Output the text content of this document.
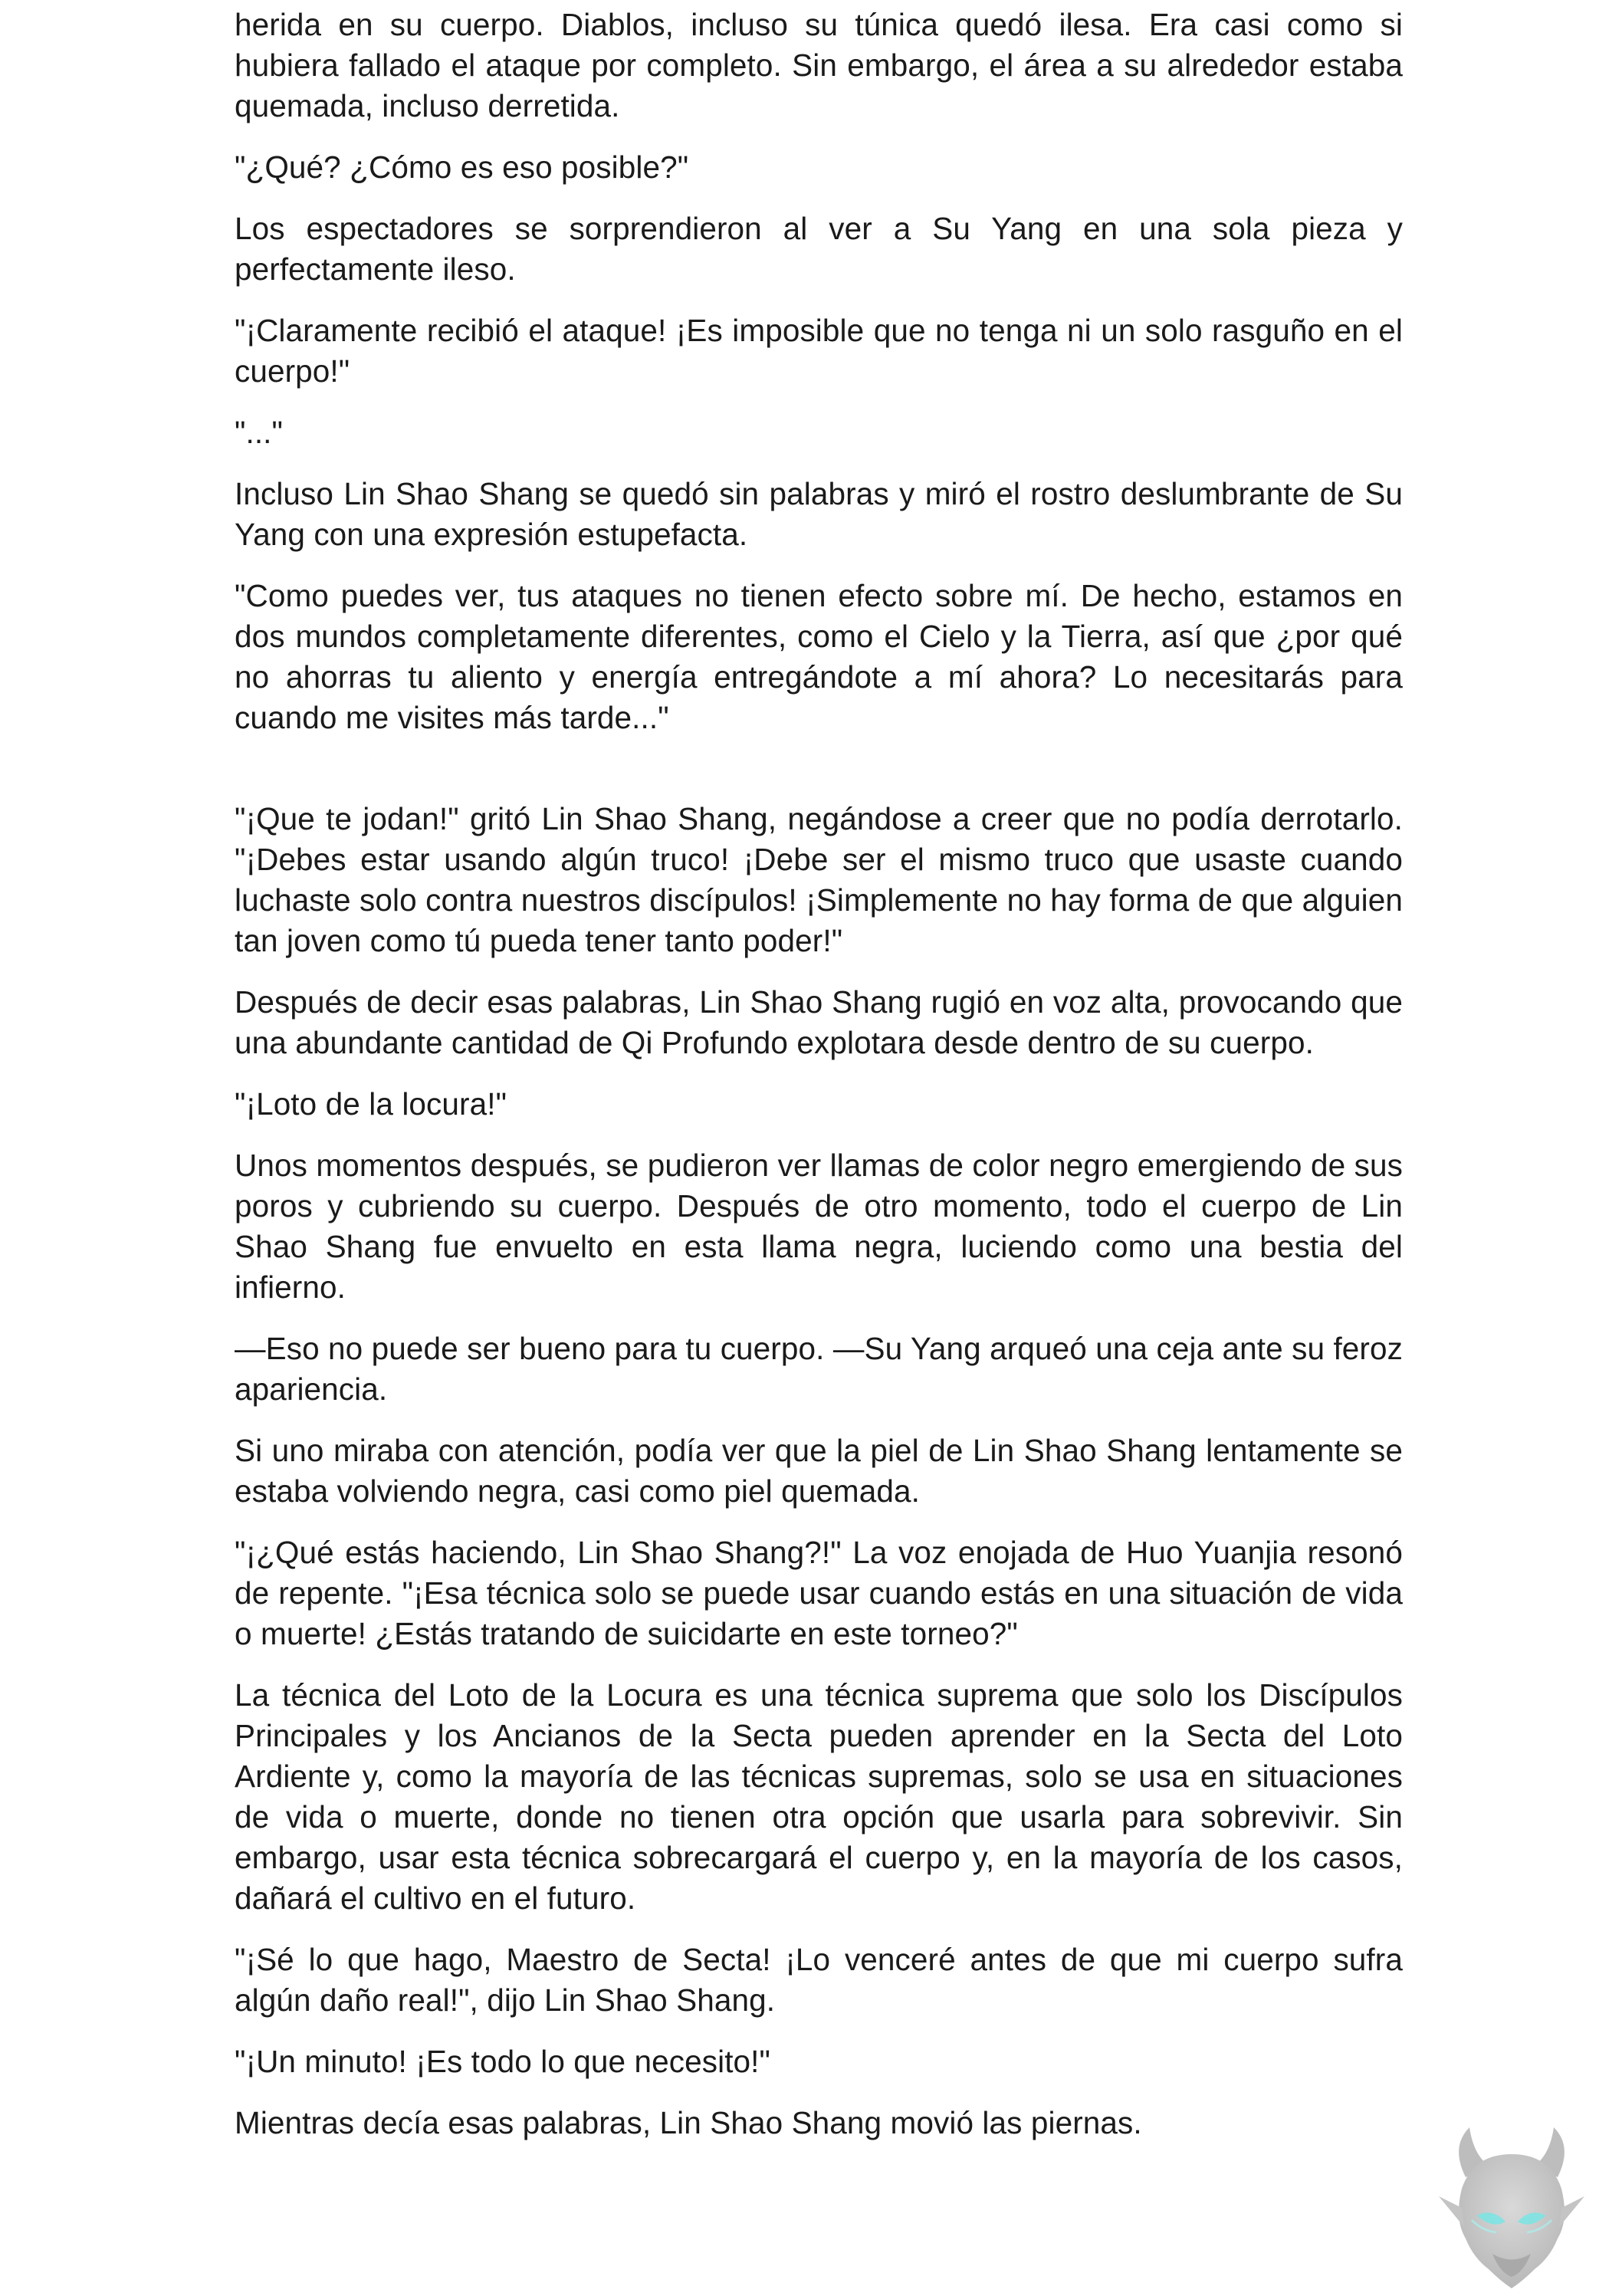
herida en su cuerpo. Diablos, incluso su túnica quedó ilesa. Era casi como si hubiera fallado el ataque por completo. Sin embargo, el área a su alrededor estaba quemada, incluso derretida.

"¿Qué? ¿Cómo es eso posible?"

Los espectadores se sorprendieron al ver a Su Yang en una sola pieza y perfectamente ileso.

"¡Claramente recibió el ataque! ¡Es imposible que no tenga ni un solo rasguño en el cuerpo!"

"..."

Incluso Lin Shao Shang se quedó sin palabras y miró el rostro deslumbrante de Su Yang con una expresión estupefacta.

"Como puedes ver, tus ataques no tienen efecto sobre mí. De hecho, estamos en dos mundos completamente diferentes, como el Cielo y la Tierra, así que ¿por qué no ahorras tu aliento y energía entregándote a mí ahora? Lo necesitarás para cuando me visites más tarde..."

"¡Que te jodan!" gritó Lin Shao Shang, negándose a creer que no podía derrotarlo. "¡Debes estar usando algún truco! ¡Debe ser el mismo truco que usaste cuando luchaste solo contra nuestros discípulos! ¡Simplemente no hay forma de que alguien tan joven como tú pueda tener tanto poder!"

Después de decir esas palabras, Lin Shao Shang rugió en voz alta, provocando que una abundante cantidad de Qi Profundo explotara desde dentro de su cuerpo.

"¡Loto de la locura!"

Unos momentos después, se pudieron ver llamas de color negro emergiendo de sus poros y cubriendo su cuerpo. Después de otro momento, todo el cuerpo de Lin Shao Shang fue envuelto en esta llama negra, luciendo como una bestia del infierno.

—Eso no puede ser bueno para tu cuerpo. —Su Yang arqueó una ceja ante su feroz apariencia.

Si uno miraba con atención, podía ver que la piel de Lin Shao Shang lentamente se estaba volviendo negra, casi como piel quemada.

"¡¿Qué estás haciendo, Lin Shao Shang?!" La voz enojada de Huo Yuanjia resonó de repente. "¡Esa técnica solo se puede usar cuando estás en una situación de vida o muerte! ¿Estás tratando de suicidarte en este torneo?"

La técnica del Loto de la Locura es una técnica suprema que solo los Discípulos Principales y los Ancianos de la Secta pueden aprender en la Secta del Loto Ardiente y, como la mayoría de las técnicas supremas, solo se usa en situaciones de vida o muerte, donde no tienen otra opción que usarla para sobrevivir. Sin embargo, usar esta técnica sobrecargará el cuerpo y, en la mayoría de los casos, dañará el cultivo en el futuro.

"¡Sé lo que hago, Maestro de Secta! ¡Lo venceré antes de que mi cuerpo sufra algún daño real!", dijo Lin Shao Shang.

"¡Un minuto! ¡Es todo lo que necesito!"

Mientras decía esas palabras, Lin Shao Shang movió las piernas.
